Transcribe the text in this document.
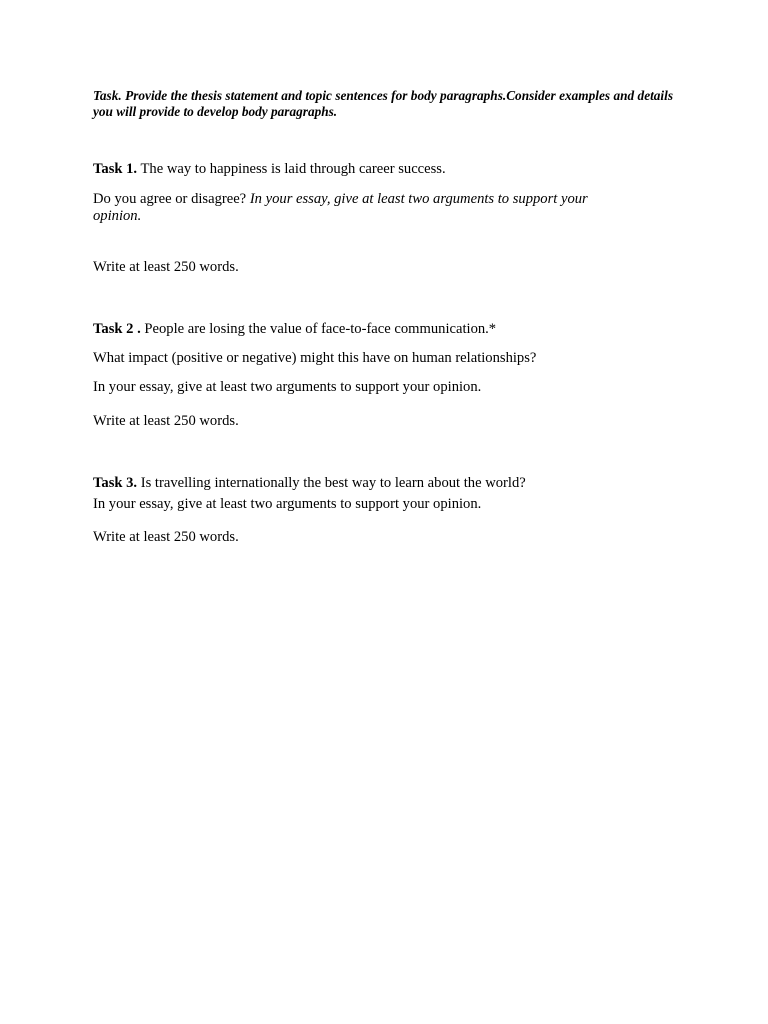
Task. Provide the thesis statement and topic sentences for body paragraphs.Consider examples and details you will provide to develop body paragraphs.
Task 1. The way to happiness is laid through career success.
Do you agree or disagree? In your essay, give at least two arguments to support your opinion.
Write at least 250 words.
Task 2 . People are losing the value of face-to-face communication.*
What impact (positive or negative) might this have on human relationships?
In your essay, give at least two arguments to support your opinion.
Write at least 250 words.
Task 3. Is travelling internationally the best way to learn about the world?
In your essay, give at least two arguments to support your opinion.
Write at least 250 words.
